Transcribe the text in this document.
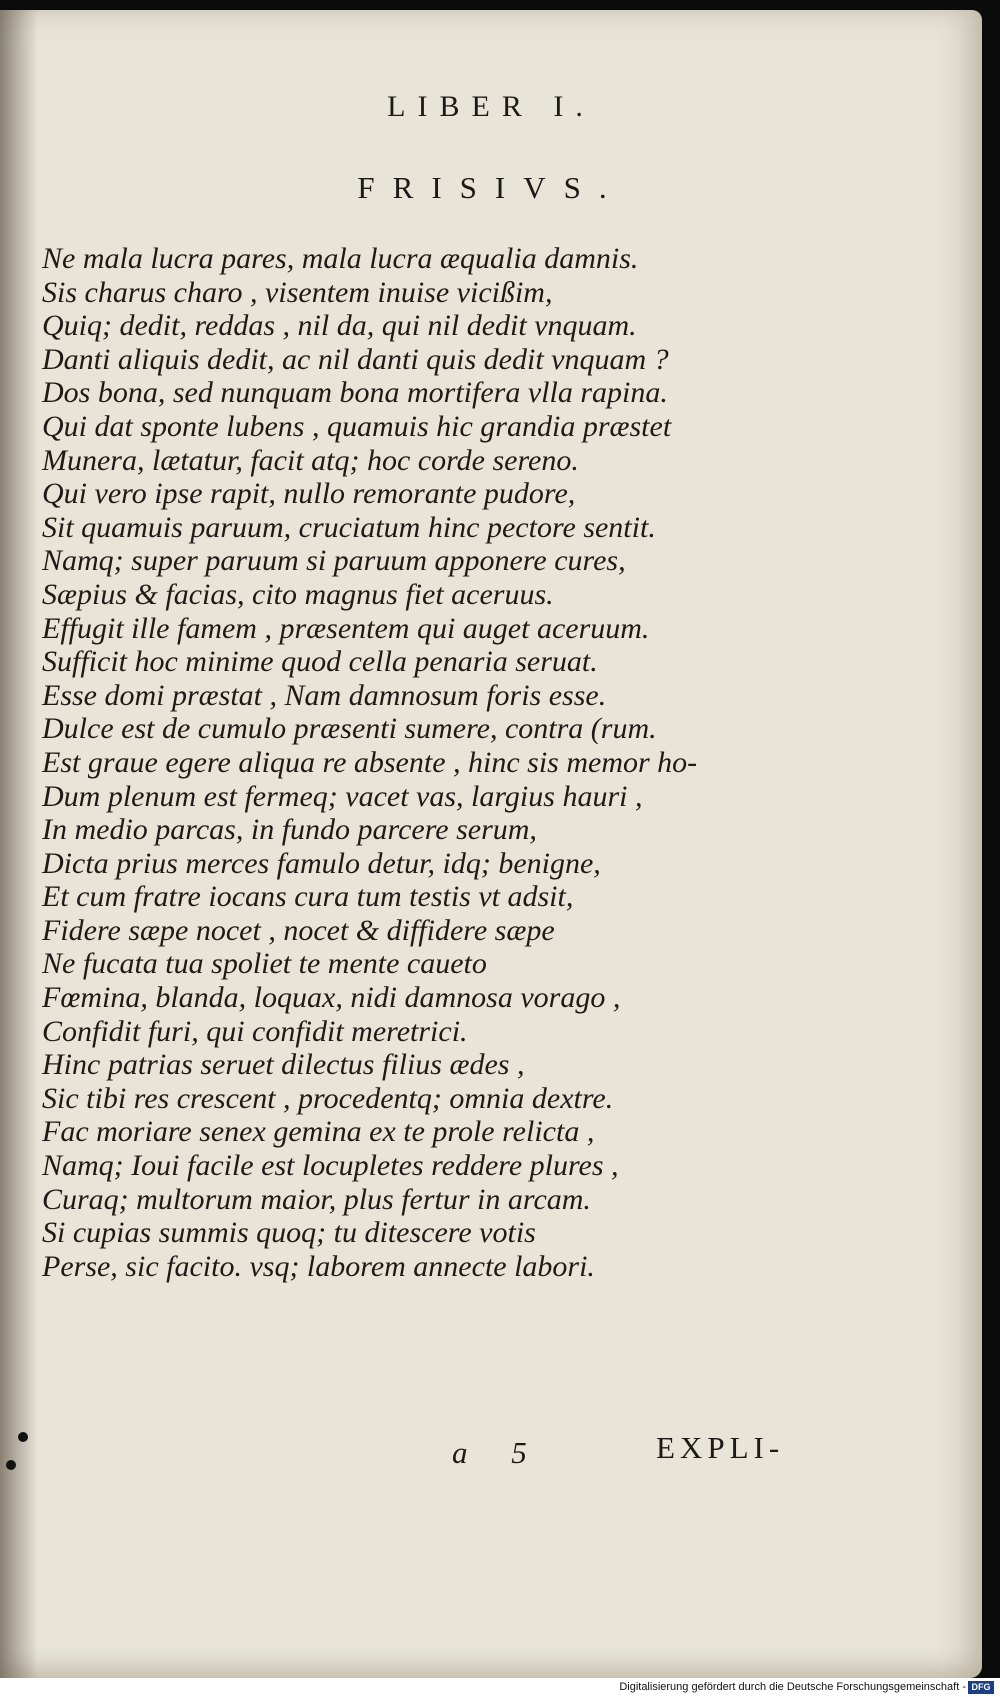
LIBER I.
FRISIVS.
Ne mala lucra pares, mala lucra æqualia damnis.
Sis charus charo , visentem inuise vicißim,
Quiq; dedit, reddas , nil da, qui nil dedit vnquam.
Danti aliquis dedit, ac nil danti quis dedit vnquam ?
Dos bona, sed nunquam bona mortifera vlla rapina.
Qui dat sponte lubens , quamuis hic grandia præstet
Munera, lætatur, facit atq; hoc corde sereno.
Qui vero ipse rapit, nullo remorante pudore,
Sit quamuis paruum, cruciatum hinc pectore sentit.
Namq; super paruum si paruum apponere cures,
Sæpius & facias, cito magnus fiet aceruus.
Effugit ille famem , præsentem qui auget aceruum.
Sufficit hoc minime quod cella penaria seruat.
Esse domi præstat , Nam damnosum foris esse.
Dulce est de cumulo præsenti sumere, contra (rum.
Est graue egere aliqua re absente , hinc sis memor ho-
Dum plenum est fermeq; vacet vas, largius hauri ,
In medio parcas, in fundo parcere serum,
Dicta prius merces famulo detur, idq; benigne,
Et cum fratre iocans cura tum testis vt adsit,
Fidere sæpe nocet , nocet & diffidere sæpe
Ne fucata tua spoliet te mente caueto
Fœmina, blanda, loquax, nidi damnosa vorago ,
Confidit furi, qui confidit meretrici.
Hinc patrias seruet dilectus filius ædes ,
Sic tibi res crescent , procedentq; omnia dextre.
Fac moriare senex gemina ex te prole relicta ,
Namq; Ioui facile est locupletes reddere plures ,
Curaq; multorum maior, plus fertur in arcam.
Si cupias summis quoq; tu ditescere votis
Perse, sic facito. vsq; laborem annecte labori.
a 5	EXPLI-
Digitalisierung gefördert durch die Deutsche Forschungsgemeinschaft - DFG
